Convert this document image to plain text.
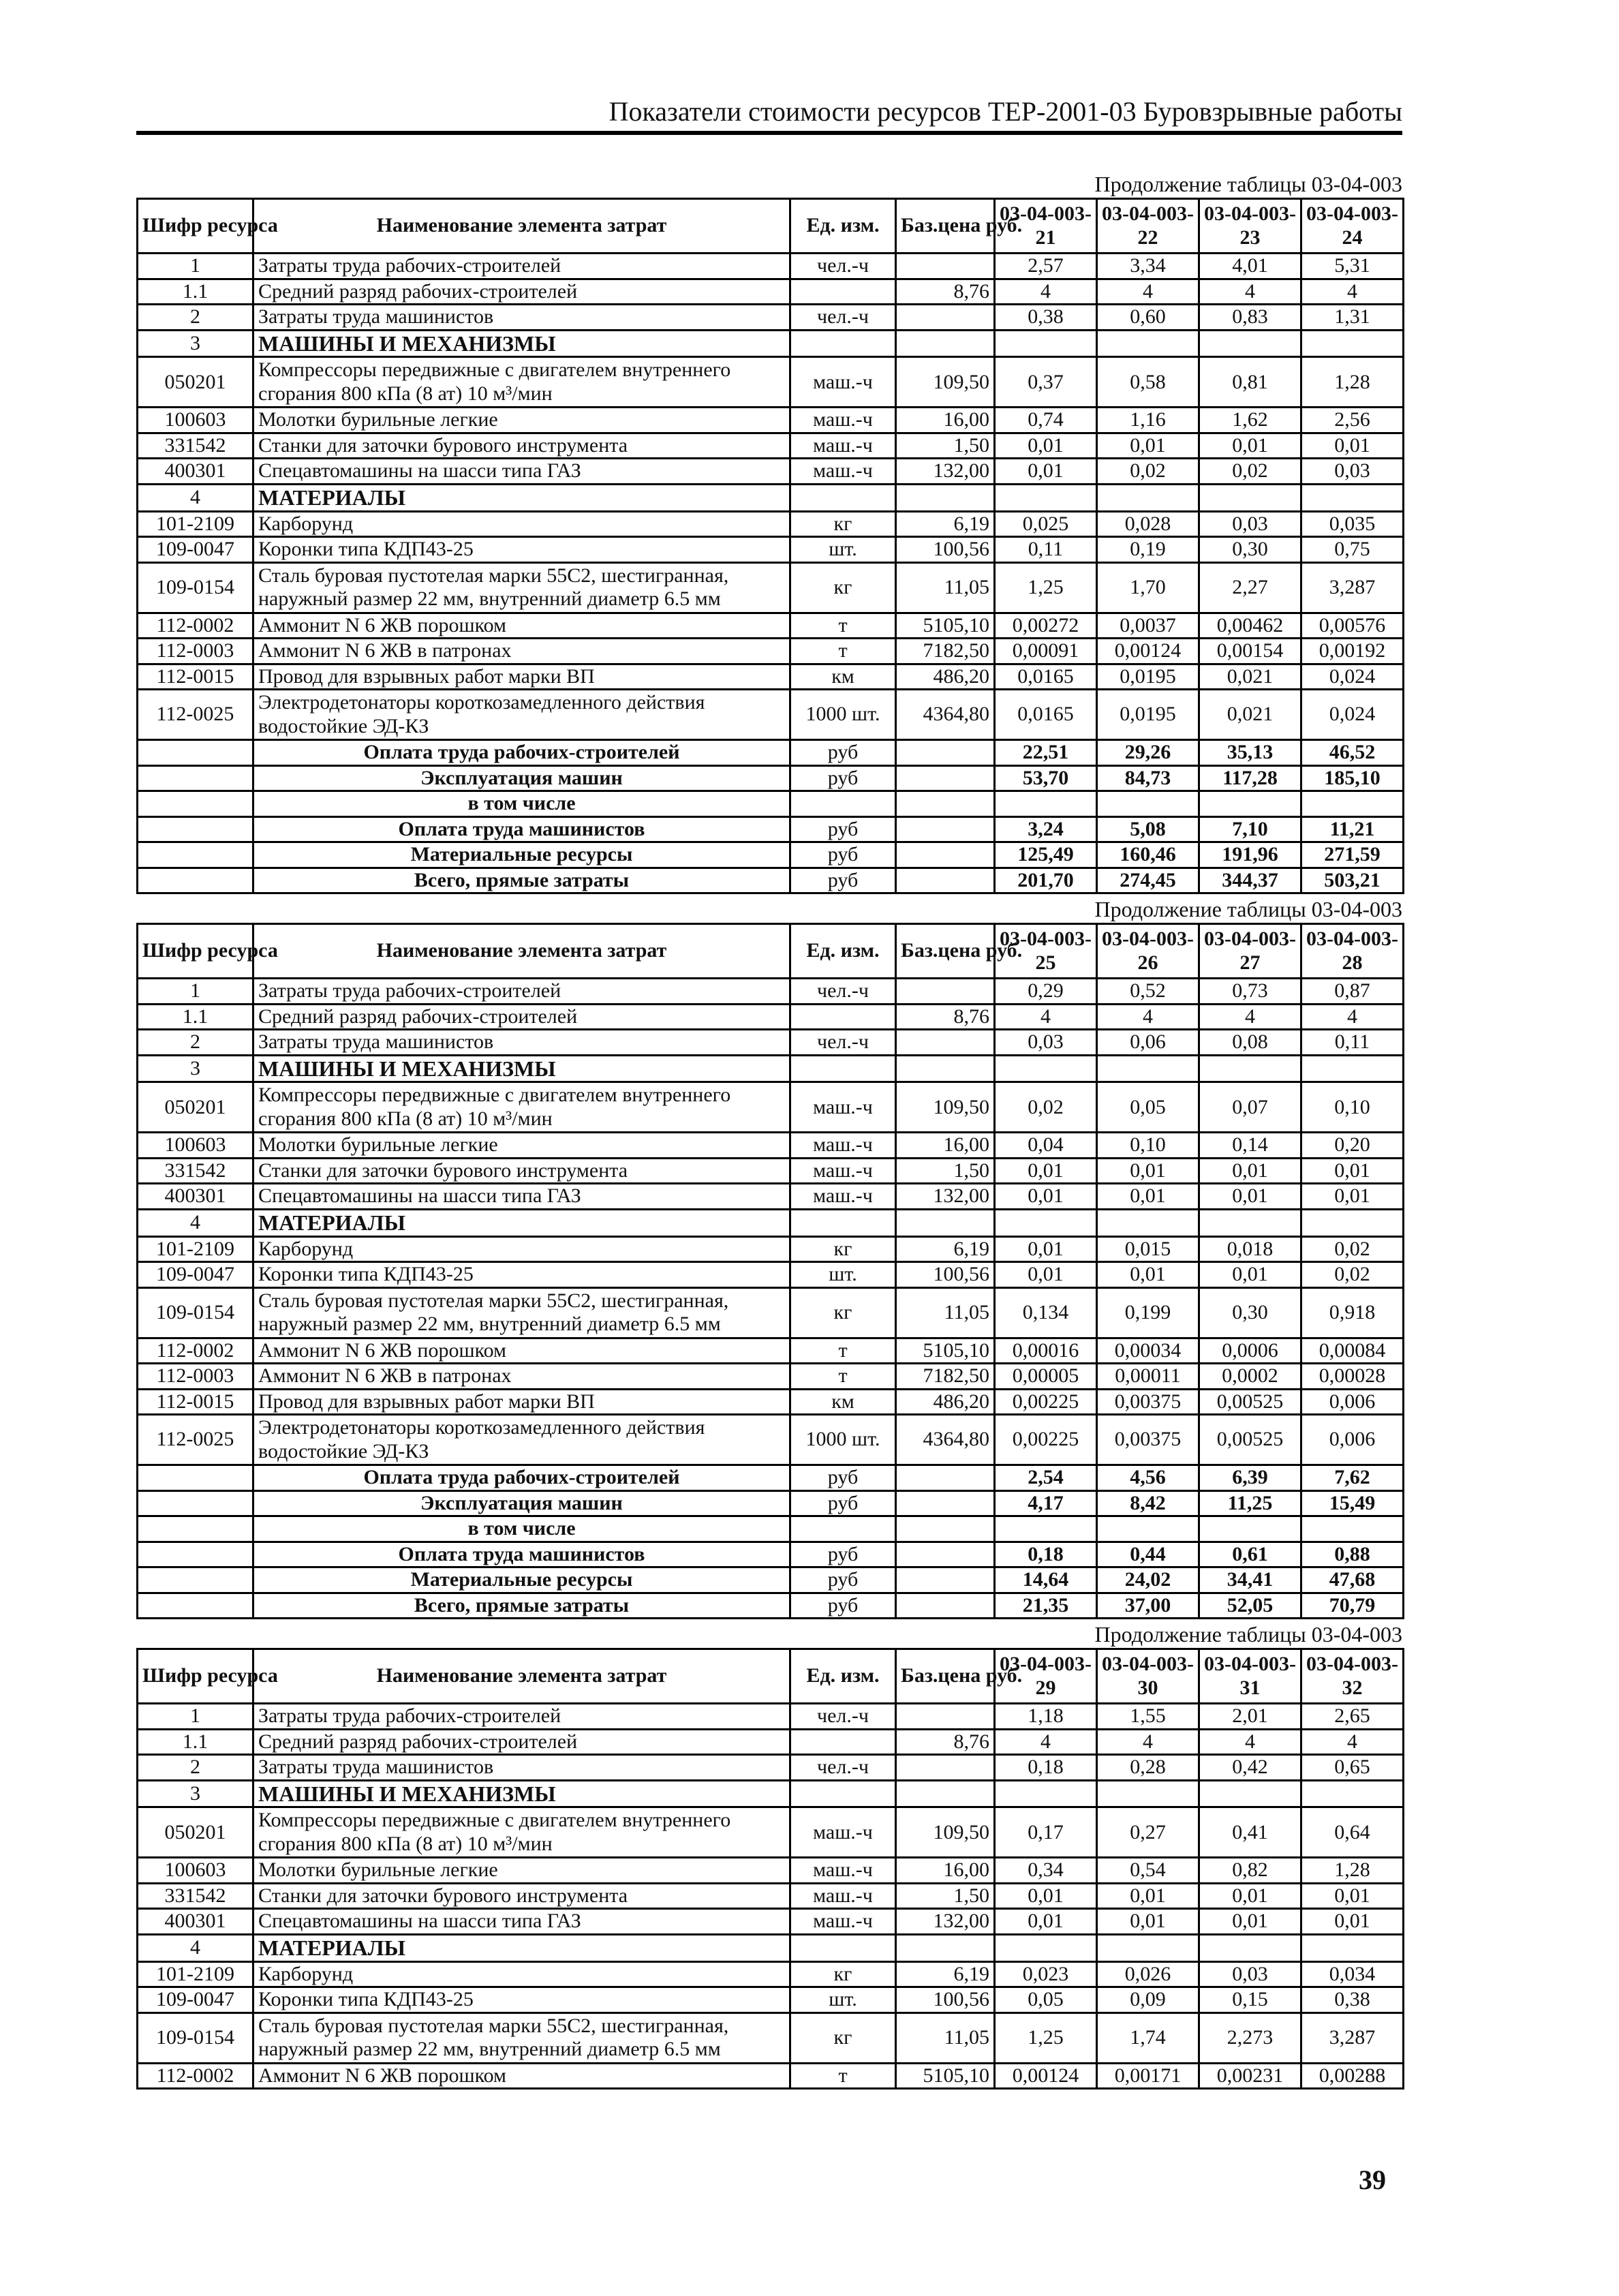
Показатели стоимости ресурсов ТЕР-2001-03 Буровзрывные работы
Продолжение таблицы 03-04-003
Шифр ресурса	Наименование элемента затрат	Ед. изм.	Баз.цена руб.	03-04-003-21	03-04-003-22	03-04-003-23	03-04-003-24
1	Затраты труда рабочих-строителей	чел.-ч		2,57	3,34	4,01	5,31
1.1	Средний разряд рабочих-строителей		8,76	4	4	4	4
2	Затраты труда машинистов	чел.-ч		0,38	0,60	0,83	1,31
3	МАШИНЫ И МЕХАНИЗМЫ						
050201	Компрессоры передвижные с двигателем внутреннего сгорания 800 кПа (8 ат) 10 м³/мин	маш.-ч	109,50	0,37	0,58	0,81	1,28
100603	Молотки бурильные легкие	маш.-ч	16,00	0,74	1,16	1,62	2,56
331542	Станки для заточки бурового инструмента	маш.-ч	1,50	0,01	0,01	0,01	0,01
400301	Спецавтомашины на шасси типа ГАЗ	маш.-ч	132,00	0,01	0,02	0,02	0,03
4	МАТЕРИАЛЫ						
101-2109	Карборунд	кг	6,19	0,025	0,028	0,03	0,035
109-0047	Коронки типа КДП43-25	шт.	100,56	0,11	0,19	0,30	0,75
109-0154	Сталь буровая пустотелая марки 55С2, шестигранная, наружный размер 22 мм, внутренний диаметр 6.5 мм	кг	11,05	1,25	1,70	2,27	3,287
112-0002	Аммонит N 6 ЖВ порошком	т	5105,10	0,00272	0,0037	0,00462	0,00576
112-0003	Аммонит N 6 ЖВ в патронах	т	7182,50	0,00091	0,00124	0,00154	0,00192
112-0015	Провод для взрывных работ марки ВП	км	486,20	0,0165	0,0195	0,021	0,024
112-0025	Электродетонаторы короткозамедленного действия водостойкие ЭД-КЗ	1000 шт.	4364,80	0,0165	0,0195	0,021	0,024
	Оплата труда рабочих-строителей	руб		22,51	29,26	35,13	46,52
	Эксплуатация машин	руб		53,70	84,73	117,28	185,10
	в том числе						
	Оплата труда машинистов	руб		3,24	5,08	7,10	11,21
	Материальные ресурсы	руб		125,49	160,46	191,96	271,59
	Всего, прямые затраты	руб		201,70	274,45	344,37	503,21
Продолжение таблицы 03-04-003
Шифр ресурса	Наименование элемента затрат	Ед. изм.	Баз.цена руб.	03-04-003-25	03-04-003-26	03-04-003-27	03-04-003-28
1	Затраты труда рабочих-строителей	чел.-ч		0,29	0,52	0,73	0,87
1.1	Средний разряд рабочих-строителей		8,76	4	4	4	4
2	Затраты труда машинистов	чел.-ч		0,03	0,06	0,08	0,11
3	МАШИНЫ И МЕХАНИЗМЫ						
050201	Компрессоры передвижные с двигателем внутреннего сгорания 800 кПа (8 ат) 10 м³/мин	маш.-ч	109,50	0,02	0,05	0,07	0,10
100603	Молотки бурильные легкие	маш.-ч	16,00	0,04	0,10	0,14	0,20
331542	Станки для заточки бурового инструмента	маш.-ч	1,50	0,01	0,01	0,01	0,01
400301	Спецавтомашины на шасси типа ГАЗ	маш.-ч	132,00	0,01	0,01	0,01	0,01
4	МАТЕРИАЛЫ						
101-2109	Карборунд	кг	6,19	0,01	0,015	0,018	0,02
109-0047	Коронки типа КДП43-25	шт.	100,56	0,01	0,01	0,01	0,02
109-0154	Сталь буровая пустотелая марки 55С2, шестигранная, наружный размер 22 мм, внутренний диаметр 6.5 мм	кг	11,05	0,134	0,199	0,30	0,918
112-0002	Аммонит N 6 ЖВ порошком	т	5105,10	0,00016	0,00034	0,0006	0,00084
112-0003	Аммонит N 6 ЖВ в патронах	т	7182,50	0,00005	0,00011	0,0002	0,00028
112-0015	Провод для взрывных работ марки ВП	км	486,20	0,00225	0,00375	0,00525	0,006
112-0025	Электродетонаторы короткозамедленного действия водостойкие ЭД-КЗ	1000 шт.	4364,80	0,00225	0,00375	0,00525	0,006
	Оплата труда рабочих-строителей	руб		2,54	4,56	6,39	7,62
	Эксплуатация машин	руб		4,17	8,42	11,25	15,49
	в том числе						
	Оплата труда машинистов	руб		0,18	0,44	0,61	0,88
	Материальные ресурсы	руб		14,64	24,02	34,41	47,68
	Всего, прямые затраты	руб		21,35	37,00	52,05	70,79
Продолжение таблицы 03-04-003
Шифр ресурса	Наименование элемента затрат	Ед. изм.	Баз.цена руб.	03-04-003-29	03-04-003-30	03-04-003-31	03-04-003-32
1	Затраты труда рабочих-строителей	чел.-ч		1,18	1,55	2,01	2,65
1.1	Средний разряд рабочих-строителей		8,76	4	4	4	4
2	Затраты труда машинистов	чел.-ч		0,18	0,28	0,42	0,65
3	МАШИНЫ И МЕХАНИЗМЫ						
050201	Компрессоры передвижные с двигателем внутреннего сгорания 800 кПа (8 ат) 10 м³/мин	маш.-ч	109,50	0,17	0,27	0,41	0,64
100603	Молотки бурильные легкие	маш.-ч	16,00	0,34	0,54	0,82	1,28
331542	Станки для заточки бурового инструмента	маш.-ч	1,50	0,01	0,01	0,01	0,01
400301	Спецавтомашины на шасси типа ГАЗ	маш.-ч	132,00	0,01	0,01	0,01	0,01
4	МАТЕРИАЛЫ						
101-2109	Карборунд	кг	6,19	0,023	0,026	0,03	0,034
109-0047	Коронки типа КДП43-25	шт.	100,56	0,05	0,09	0,15	0,38
109-0154	Сталь буровая пустотелая марки 55С2, шестигранная, наружный размер 22 мм, внутренний диаметр 6.5 мм	кг	11,05	1,25	1,74	2,273	3,287
112-0002	Аммонит N 6 ЖВ порошком	т	5105,10	0,00124	0,00171	0,00231	0,00288
39
